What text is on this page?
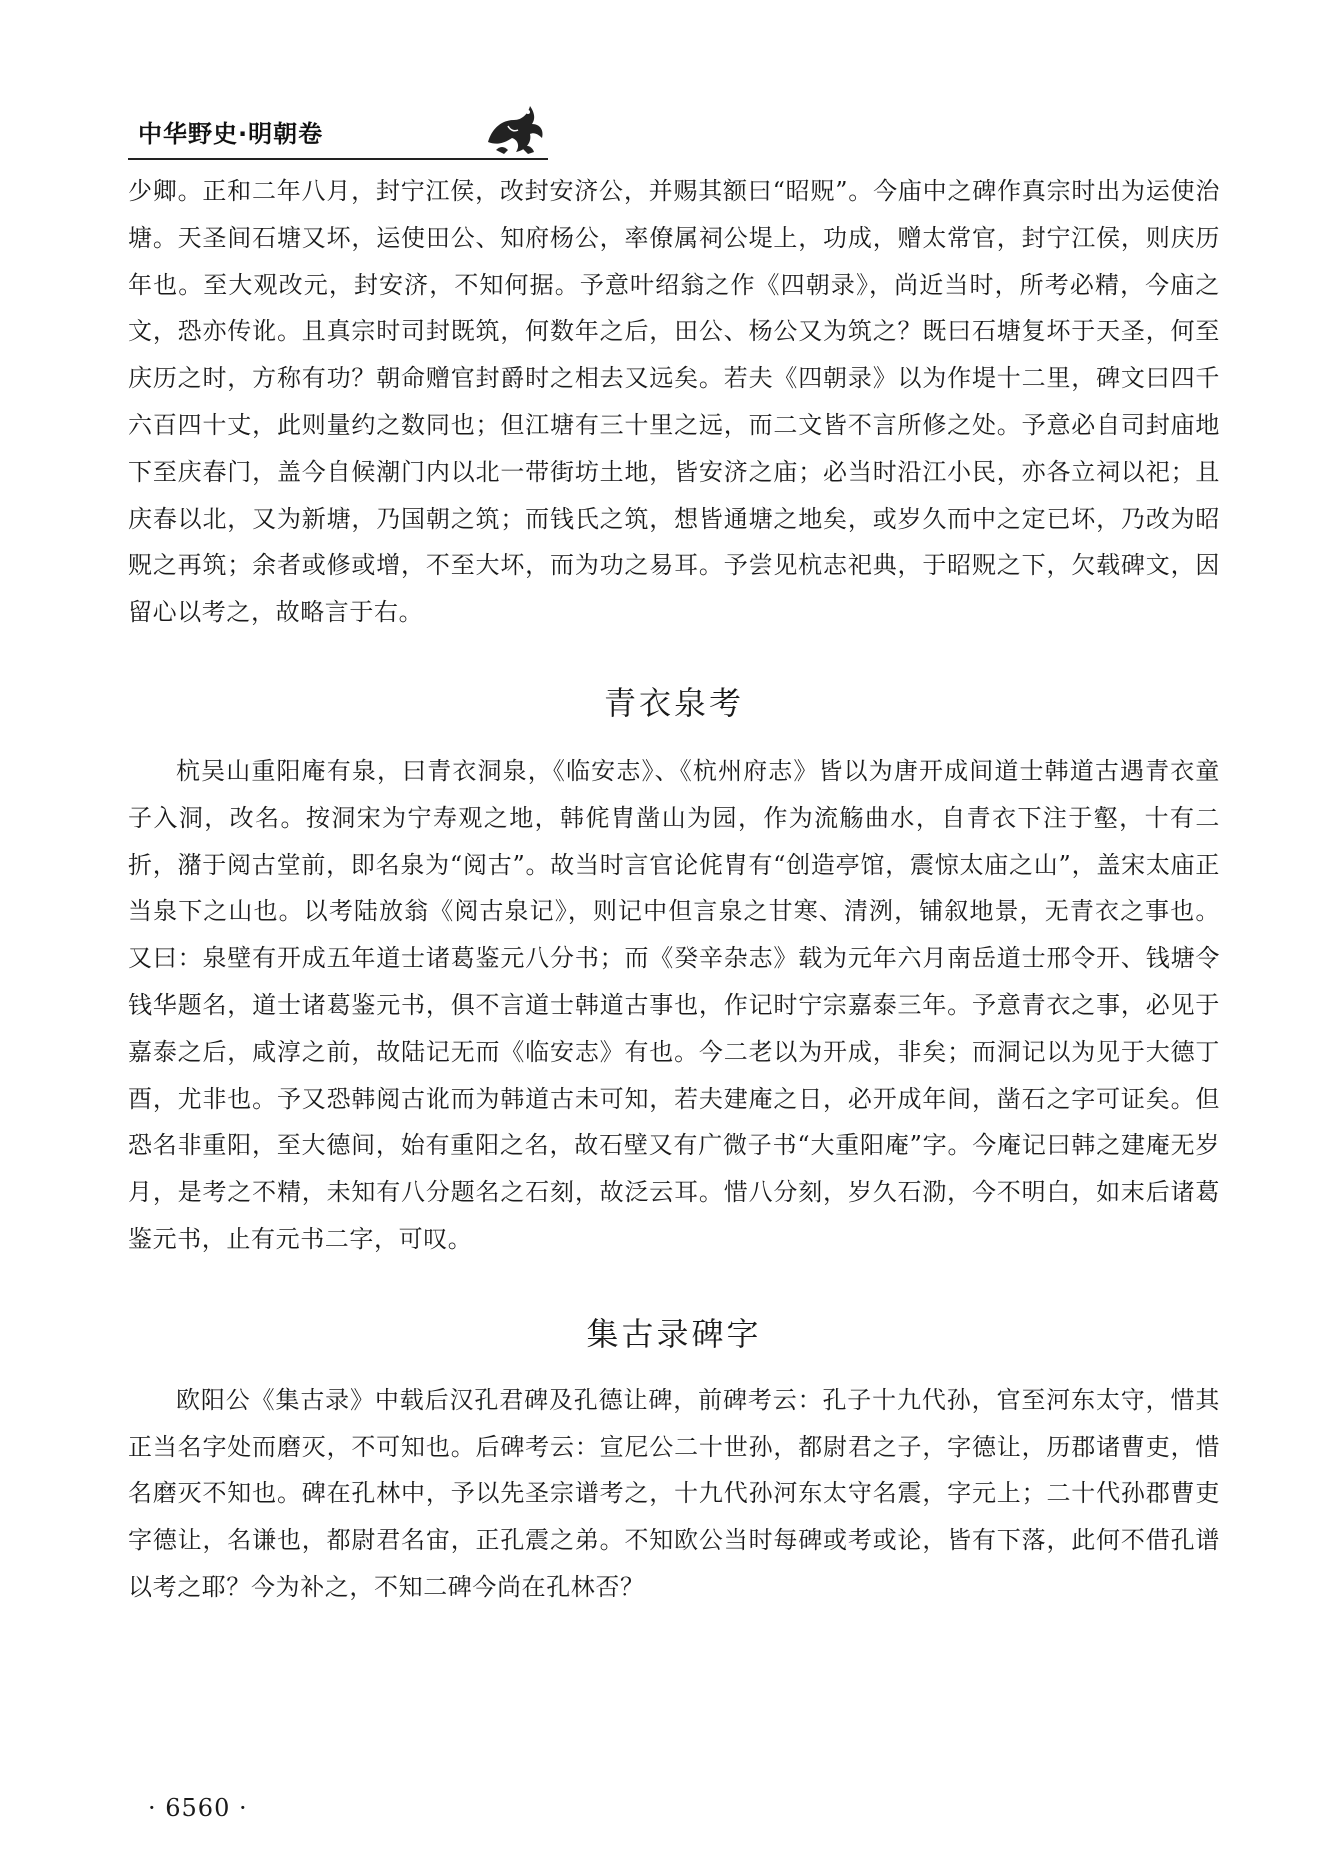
中华野史·明朝卷

少卿。正和二年八月，封宁江侯，改封安济公，并赐其额曰“昭贶”。今庙中之碑作真宗时出为运使治塘。天圣间石塘又坏，运使田公、知府杨公，率僚属祠公堤上，功成，赠太常官，封宁江侯，则庆历年也。至大观改元，封安济，不知何据。予意叶绍翁之作《四朝录》，尚近当时，所考必精，今庙之文，恐亦传讹。且真宗时司封既筑，何数年之后，田公、杨公又为筑之？既曰石塘复坏于天圣，何至庆历之时，方称有功？朝命赠官封爵时之相去又远矣。若夫《四朝录》以为作堤十二里，碑文曰四千六百四十丈，此则量约之数同也；但江塘有三十里之远，而二文皆不言所修之处。予意必自司封庙地下至庆春门，盖今自候潮门内以北一带街坊土地，皆安济之庙；必当时沿江小民，亦各立祠以祀；且庆春以北，又为新塘，乃国朝之筑；而钱氏之筑，想皆通塘之地矣，或岁久而中之定已坏，乃改为昭贶之再筑；余者或修或增，不至大坏，而为功之易耳。予尝见杭志祀典，于昭贶之下，欠载碑文，因留心以考之，故略言于右。

青衣泉考

杭吴山重阳庵有泉，曰青衣洞泉，《临安志》、《杭州府志》皆以为唐开成间道士韩道古遇青衣童子入洞，改名。按洞宋为宁寿观之地，韩侂胄凿山为园，作为流觞曲水，自青衣下注于壑，十有二折，潴于阅古堂前，即名泉为“阅古”。故当时言官论侂胄有“创造亭馆，震惊太庙之山”，盖宋太庙正当泉下之山也。以考陆放翁《阅古泉记》，则记中但言泉之甘寒、清洌，铺叙地景，无青衣之事也。又曰：泉壁有开成五年道士诸葛鉴元八分书；而《癸辛杂志》载为元年六月南岳道士邢令开、钱塘令钱华题名，道士诸葛鉴元书，俱不言道士韩道古事也，作记时宁宗嘉泰三年。予意青衣之事，必见于嘉泰之后，咸淳之前，故陆记无而《临安志》有也。今二老以为开成，非矣；而洞记以为见于大德丁酉，尤非也。予又恐韩阅古讹而为韩道古未可知，若夫建庵之日，必开成年间，凿石之字可证矣。但恐名非重阳，至大德间，始有重阳之名，故石壁又有广微子书“大重阳庵”字。今庵记曰韩之建庵无岁月，是考之不精，未知有八分题名之石刻，故泛云耳。惜八分刻，岁久石泐，今不明白，如末后诸葛鉴元书，止有元书二字，可叹。

集古录碑字

欧阳公《集古录》中载后汉孔君碑及孔德让碑，前碑考云：孔子十九代孙，官至河东太守，惜其正当名字处而磨灭，不可知也。后碑考云：宣尼公二十世孙，都尉君之子，字德让，历郡诸曹吏，惜名磨灭不知也。碑在孔林中，予以先圣宗谱考之，十九代孙河东太守名震，字元上；二十代孙郡曹吏字德让，名谦也，都尉君名宙，正孔震之弟。不知欧公当时每碑或考或论，皆有下落，此何不借孔谱以考之耶？今为补之，不知二碑今尚在孔林否？

· 6560 ·
